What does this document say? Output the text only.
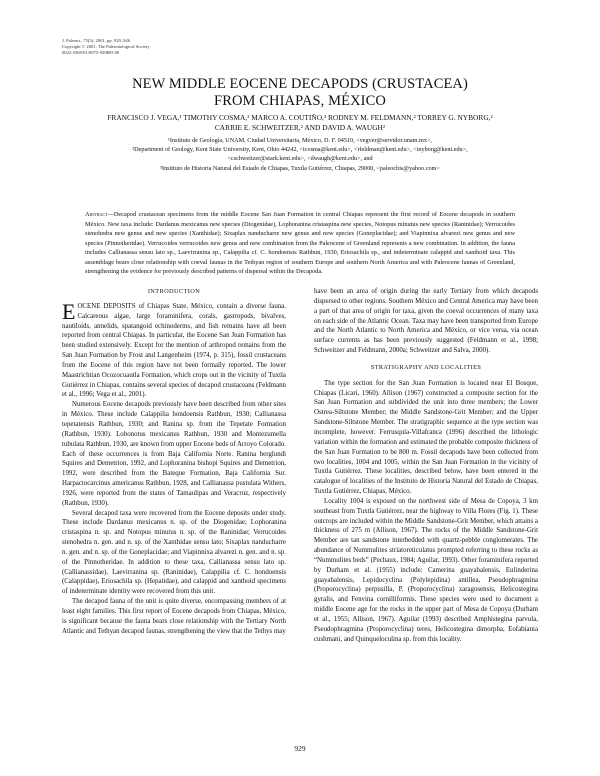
J. Paleont., 75(5), 2001, pp. 929–946
Copyright © 2001, The Paleontological Society
0022-3360/01/0075-929$03.00
NEW MIDDLE EOCENE DECAPODS (CRUSTACEA)
FROM CHIAPAS, MÉXICO
FRANCISCO J. VEGA,¹ TIMOTHY COSMA,² MARCO A. COUTIÑO,³ RODNEY M. FELDMANN,² TORREY G. NYBORG,²
CARRIE E. SCHWEITZER,² AND DAVID A. WAUGH²
¹Instituto de Geología, UNAM, Ciudad Universitaria, México, D. F. 04510, <vegver@servidor.unam.mx>,
²Department of Geology, Kent State University, Kent, Ohio 44242, <tcosma@kent.edu>, <rfeldman@kent.edu>, <tnyborg@kent.edu>,
<cschweitzer@stark.kent.edu>, <dwaugh@kent.edu>, and
³Instituto de Historia Natural del Estado de Chiapas, Tuxtla Gutiérrez, Chiapas, 29000, <paleochis@yahoo.com>
Abstract—Decapod crustacean specimens from the middle Eocene San Juan Formation in central Chiapas represent the first record of Eocene decapods in southern México. New taxa include: Dardanus mexicanus new species (Diogenidae), Lophoranina cristaspina new species, Notopus minutus new species (Raninidae); Verrucoides stenohedra new genus and new species (Xanthidae); Sixaplax nanducharre new genus and new species (Goneplacidae); and Viapinnixa alvarezi new genus and new species (Pinnotheridae). Verrucoides verrucoides new genus and new combination from the Paleocene of Greenland represents a new combination. In addition, the fauna includes Callianassa sensu lato sp., Laevirranina sp., Calappilia cf. C. hondoensis Rathbun, 1930, Eriosachila sp., and indeterminate calappid and xanthoid taxa. This assemblage bears close relationship with coeval faunas in the Tethyan region of southern Europe and southern North America and with Paleocene faunas of Greenland, strengthening the evidence for previously described patterns of dispersal within the Decapoda.
INTRODUCTION

EOCENE DEPOSITS of Chiapas State, México, contain a diverse fauna. Calcareous algae, large foraminifera, corals, gastropods, bivalves, nautiloids, annelids, spatangoid echinoderms, and fish remains have all been reported from central Chiapas. In particular, the Eocene San Juan Formation has been studied extensively. Except for the mention of arthropod remains from the San Juan Formation by Frost and Langenheim (1974, p. 315), fossil crustaceans from the Eocene of this region have not been formally reported. The lower Maastrichtian Ocozocuautla Formation, which crops out in the vicinity of Tuxtla Gutiérrez in Chiapas, contains several species of decapod crustaceans (Feldmann et al., 1996; Vega et al., 2001).

Numerous Eocene decapods previously have been described from other sites in México. These include Calappilia hondoensis Rathbun, 1930; Callianassa tepetatensis Rathbun, 1930; and Ranina sp. from the Tepetate Formation (Rathbun, 1930). Lobonotus mexicanus Rathbun, 1930 and Montezumella tubulata Rathbun, 1930, are known from upper Eocene beds of Arroyo Colorado. Each of these occurrences is from Baja California Norte. Ranina berglundi Squires and Demetrion, 1992, and Lophoranina bishopi Squires and Demetrion, 1992, were described from the Bateque Formation, Baja California Sur. Harpactocarcinus americanus Rathbun, 1928, and Callianassa pustulata Withers, 1926, were reported from the states of Tamaulipas and Veracruz, respectively (Rathbun, 1930).

Several decapod taxa were recovered from the Eocene deposits under study. These include Dardanus mexicanus n. sp. of the Diogenidae; Lophoranina cristaspina n. sp. and Notopus minutus n. sp. of the Raninidae; Verrucoides stenohedra n. gen. and n. sp. of the Xanthidae sensu lato; Sixaplax nanducharre n. gen. and n. sp. of the Goneplacidae; and Viapinnixa alvarezi n. gen. and n. sp. of the Pinnotheridae. In addition to these taxa, Callianassa sensu lato sp. (Callianassidae), Laevirranina sp. (Raninidae), Calappilia cf. C. hondoensis (Calappidae), Eriosachila sp. (Hepatidae), and calappid and xanthoid specimens of indeterminate identity were recovered from this unit.

The decapod fauna of the unit is quite diverse, encompassing members of at least eight families. This first report of Eocene decapods from Chiapas, México, is significant because the fauna bears close relationship with the Tertiary North Atlantic and Tethyan decapod faunas, strengthening the view that the Tethys may

have been an area of origin during the early Tertiary from which decapods dispersed to other regions. Southern México and Central America may have been a part of that area of origin for taxa, given the coeval occurrences of many taxa on each side of the Atlantic Ocean. Taxa may have been transported from Europe and the North Atlantic to North America and México, or vice versa, via ocean surface currents as has been previously suggested (Feldmann et al., 1998; Schweitzer and Feldmann, 2000a; Schweitzer and Salva, 2000).

STRATIGRAPHY AND LOCALITIES

The type section for the San Juan Formation is located near El Bosque, Chiapas (Licari, 1960). Allison (1967) constructed a composite section for the San Juan Formation and subdivided the unit into three members; the Lower Ostrea-Siltstone Member; the Middle Sandstone-Grit Member; and the Upper Sandstone-Siltstone Member. The stratigraphic sequence at the type section was incomplete, however. Ferrusquía-Villafranca (1996) described the lithologic variation within the formation and estimated the probable composite thickness of the San Juan Formation to be 800 m. Fossil decapods have been collected from two localities, 1004 and 1005, within the San Juan Formation in the vicinity of Tuxtla Gutiérrez. These localities, described below, have been entered in the catalogue of localities of the Instituto de Historia Natural del Estado de Chiapas, Tuxtla Gutiérrez, Chiapas, México.

Locality 1004 is exposed on the northwest side of Mesa de Copoya, 3 km southeast from Tuxtla Gutiérrez, near the highway to Villa Flores (Fig. 1). These outcrops are included within the Middle Sandstone-Grit Member, which attains a thickness of 275 m (Allison, 1967). The rocks of the Middle Sandstone-Grit Member are tan sandstone interbedded with quartz-pebble conglomerates. The abundance of Nummulites striatoreticulatus prompted referring to these rocks as “Nummulites beds” (Pechaux, 1984; Aguilar, 1993). Other foraminifera reported by Durham et al. (1955) include: Camerina guayabalensis, Eulinderina guayabalensis, Lepidocyclina (Polylepidina) antillea, Pseudophragmina (Proporocyclina) perpusilla, P. (Proporocyclina) zaragosensis, Helicostegina gyralis, and Fenvina cornilliformis. These species were used to document a middle Eocene age for the rocks in the upper part of Mesa de Copoya (Durham et al., 1955; Allison, 1967). Aguilar (1993) described Amphistegina parvula, Pseudophragmina (Proporocyclina) teres, Helicostegina dimorpha, Eofabiania cushmani, and Quinqueloculina sp. from this locality.

929
